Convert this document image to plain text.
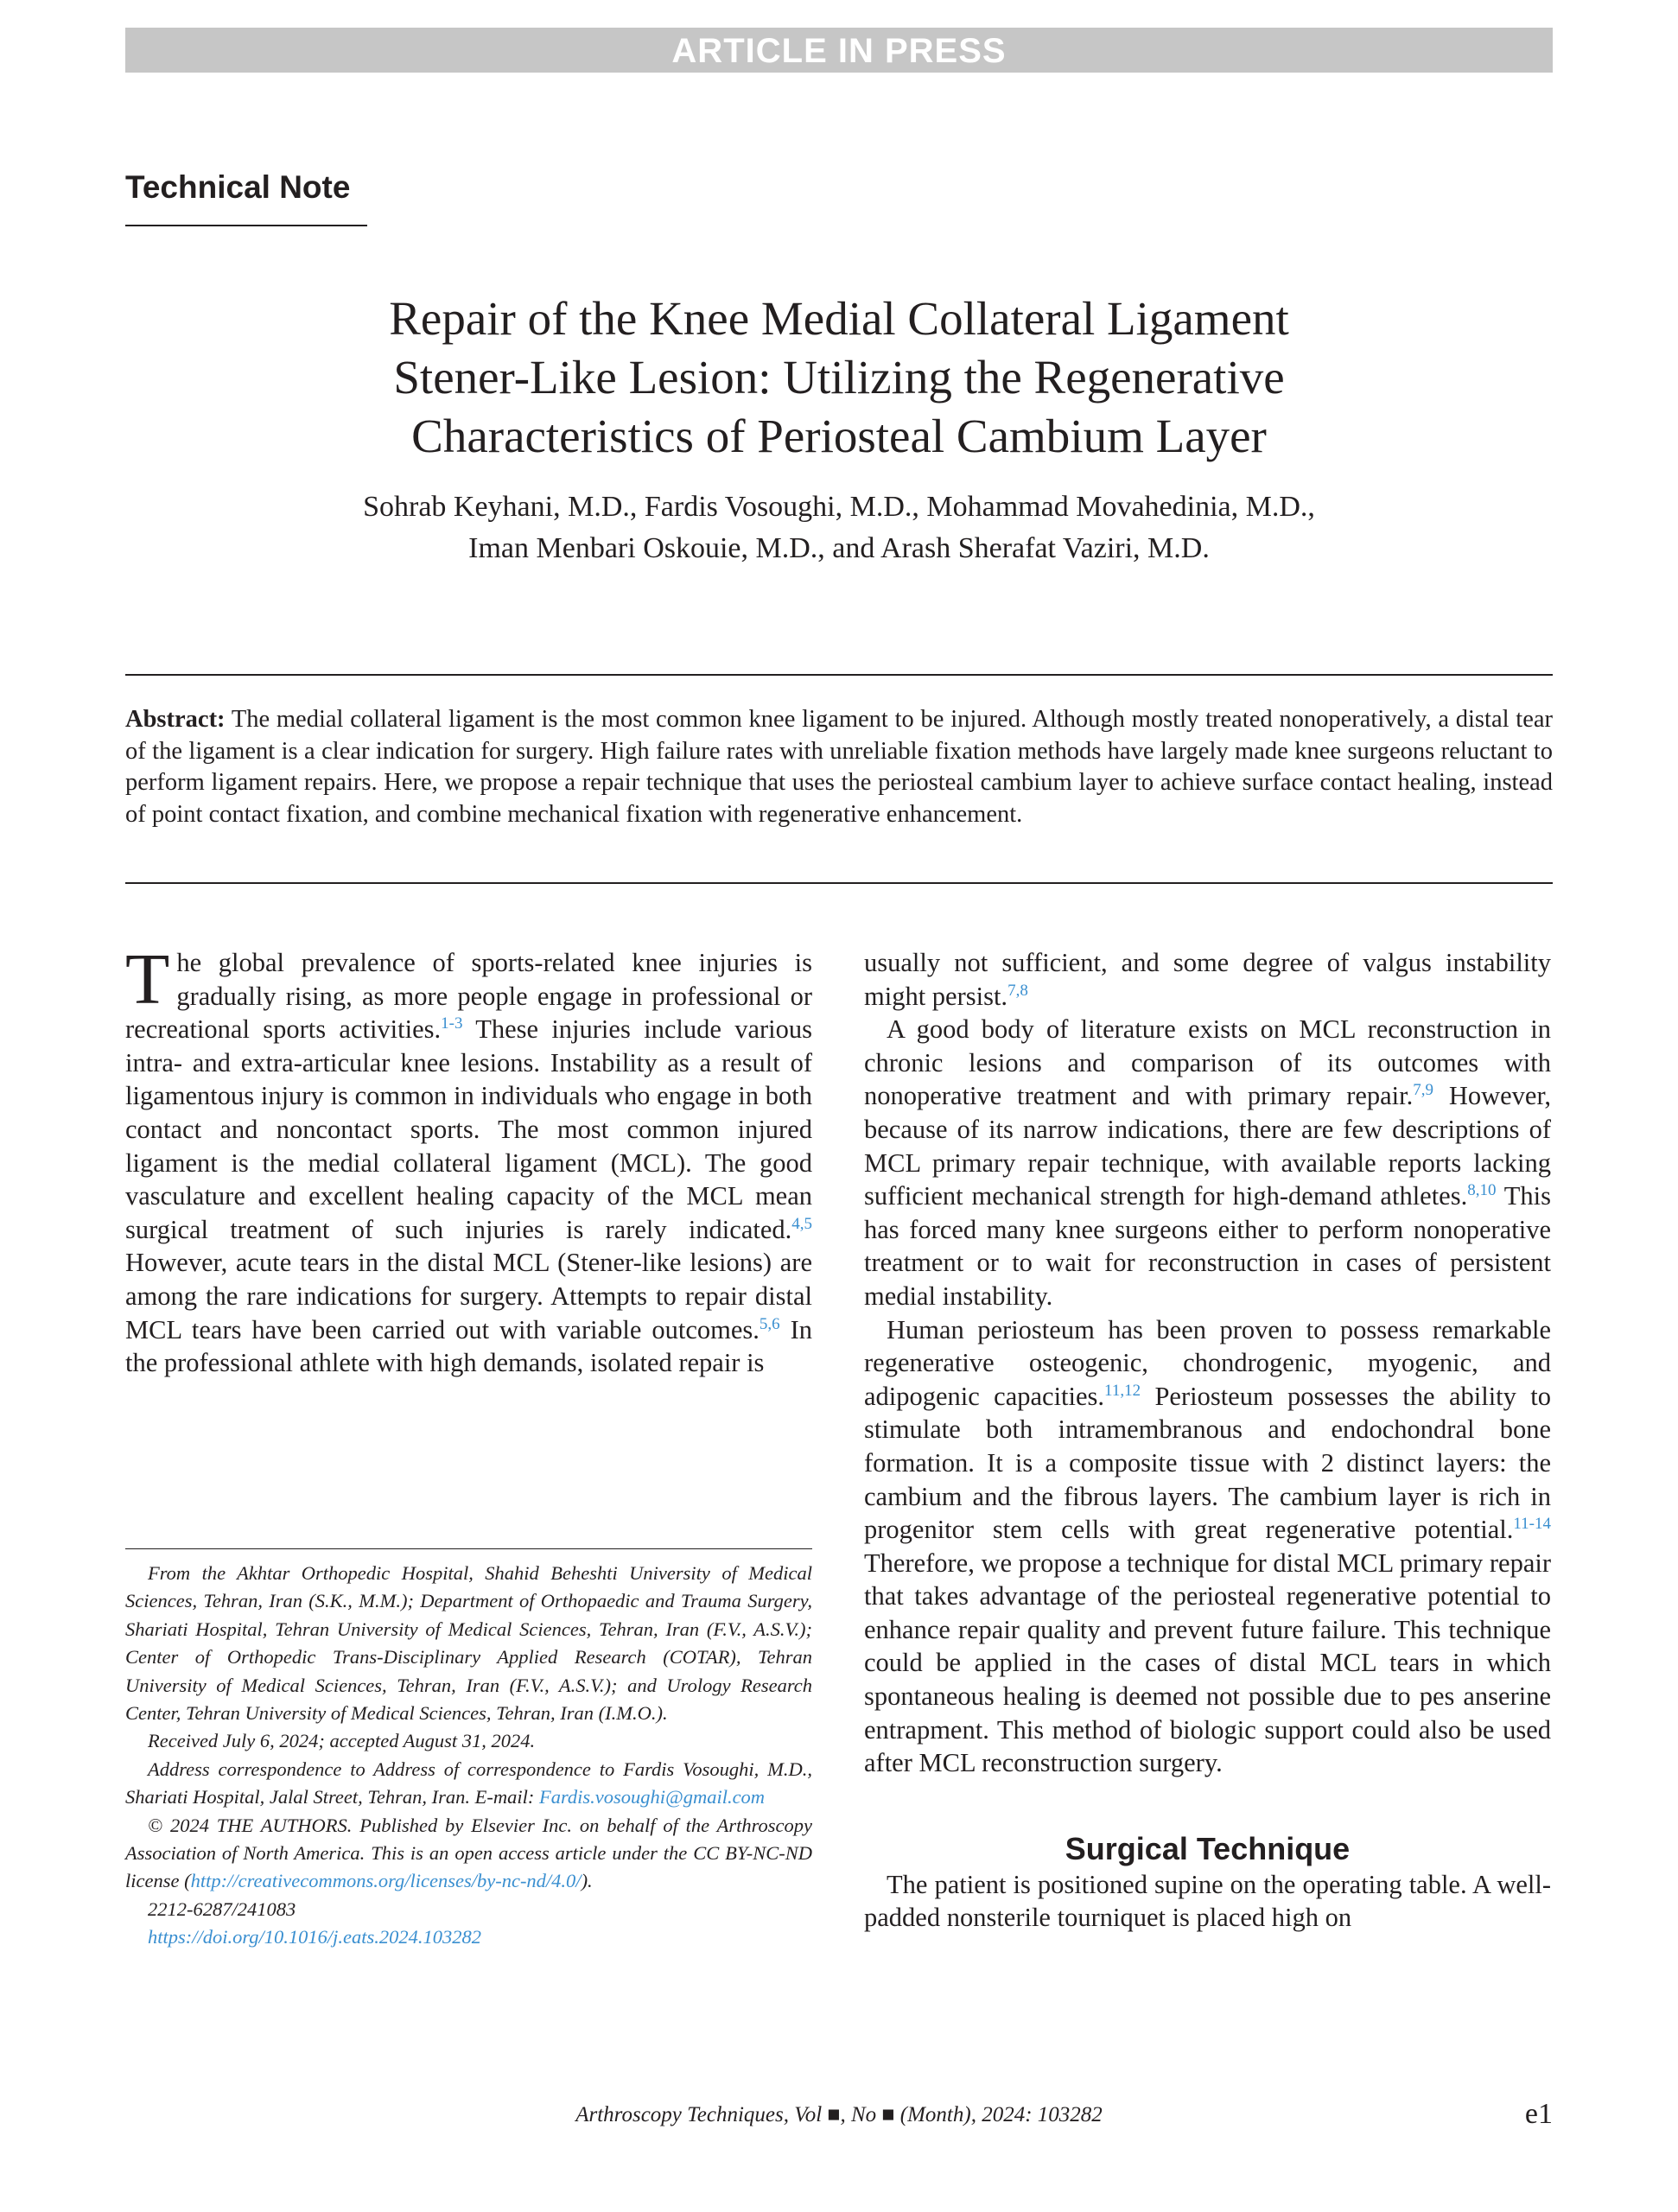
ARTICLE IN PRESS
Technical Note
Repair of the Knee Medial Collateral Ligament
Stener-Like Lesion: Utilizing the Regenerative
Characteristics of Periosteal Cambium Layer
Sohrab Keyhani, M.D., Fardis Vosoughi, M.D., Mohammad Movahedinia, M.D.,
Iman Menbari Oskouie, M.D., and Arash Sherafat Vaziri, M.D.
Abstract: The medial collateral ligament is the most common knee ligament to be injured. Although mostly treated nonoperatively, a distal tear of the ligament is a clear indication for surgery. High failure rates with unreliable fixation methods have largely made knee surgeons reluctant to perform ligament repairs. Here, we propose a repair technique that uses the periosteal cambium layer to achieve surface contact healing, instead of point contact fixation, and combine mechanical fixation with regenerative enhancement.

The global prevalence of sports-related knee injuries is gradually rising, as more people engage in professional or recreational sports activities.$^{1-3}$ These injuries include various intra- and extra-articular knee lesions. Instability as a result of ligamentous injury is common in individuals who engage in both contact and noncontact sports. The most common injured ligament is the medial collateral ligament (MCL). The good vasculature and excellent healing capacity of the MCL mean surgical treatment of such injuries is rarely indicated.$^{4,5}$ However, acute tears in the distal MCL (Stener-like lesions) are among the rare indications for surgery. Attempts to repair distal MCL tears have been carried out with variable outcomes.$^{5,6}$ In the professional athlete with high demands, isolated repair is

From the Akhtar Orthopedic Hospital, Shahid Beheshti University of Medical Sciences, Tehran, Iran (S.K., M.M.); Department of Orthopaedic and Trauma Surgery, Shariati Hospital, Tehran University of Medical Sciences, Tehran, Iran (F.V., A.S.V.); Center of Orthopedic Trans-Disciplinary Applied Research (COTAR), Tehran University of Medical Sciences, Tehran, Iran (F.V., A.S.V.); and Urology Research Center, Tehran University of Medical Sciences, Tehran, Iran (I.M.O.).

Received July 6, 2024; accepted August 31, 2024.

Address correspondence to Address of correspondence to Fardis Vosoughi, M.D., Shariati Hospital, Jalal Street, Tehran, Iran. E-mail: Fardis.vosoughi@gmail.com

© 2024 THE AUTHORS. Published by Elsevier Inc. on behalf of the Arthroscopy Association of North America. This is an open access article under the CC BY-NC-ND license (http://creativecommons.org/licenses/by-nc-nd/4.0/).

2212-6287/241083

https://doi.org/10.1016/j.eats.2024.103282

usually not sufficient, and some degree of valgus instability might persist.$^{7,8}$

A good body of literature exists on MCL reconstruction in chronic lesions and comparison of its outcomes with nonoperative treatment and with primary repair.$^{7,9}$ However, because of its narrow indications, there are few descriptions of MCL primary repair technique, with available reports lacking sufficient mechanical strength for high-demand athletes.$^{8,10}$ This has forced many knee surgeons either to perform nonoperative treatment or to wait for reconstruction in cases of persistent medial instability.

Human periosteum has been proven to possess remarkable regenerative osteogenic, chondrogenic, myogenic, and adipogenic capacities.$^{11,12}$ Periosteum possesses the ability to stimulate both intramembranous and endochondral bone formation. It is a composite tissue with 2 distinct layers: the cambium and the fibrous layers. The cambium layer is rich in progenitor stem cells with great regenerative potential.$^{11-14}$ Therefore, we propose a technique for distal MCL primary repair that takes advantage of the periosteal regenerative potential to enhance repair quality and prevent future failure. This technique could be applied in the cases of distal MCL tears in which spontaneous healing is deemed not possible due to pes anserine entrapment. This method of biologic support could also be used after MCL reconstruction surgery.

Surgical Technique

The patient is positioned supine on the operating table. A well-padded nonsterile tourniquet is placed high on

Arthroscopy Techniques, Vol ■, No ■ (Month), 2024: 103282	e1
